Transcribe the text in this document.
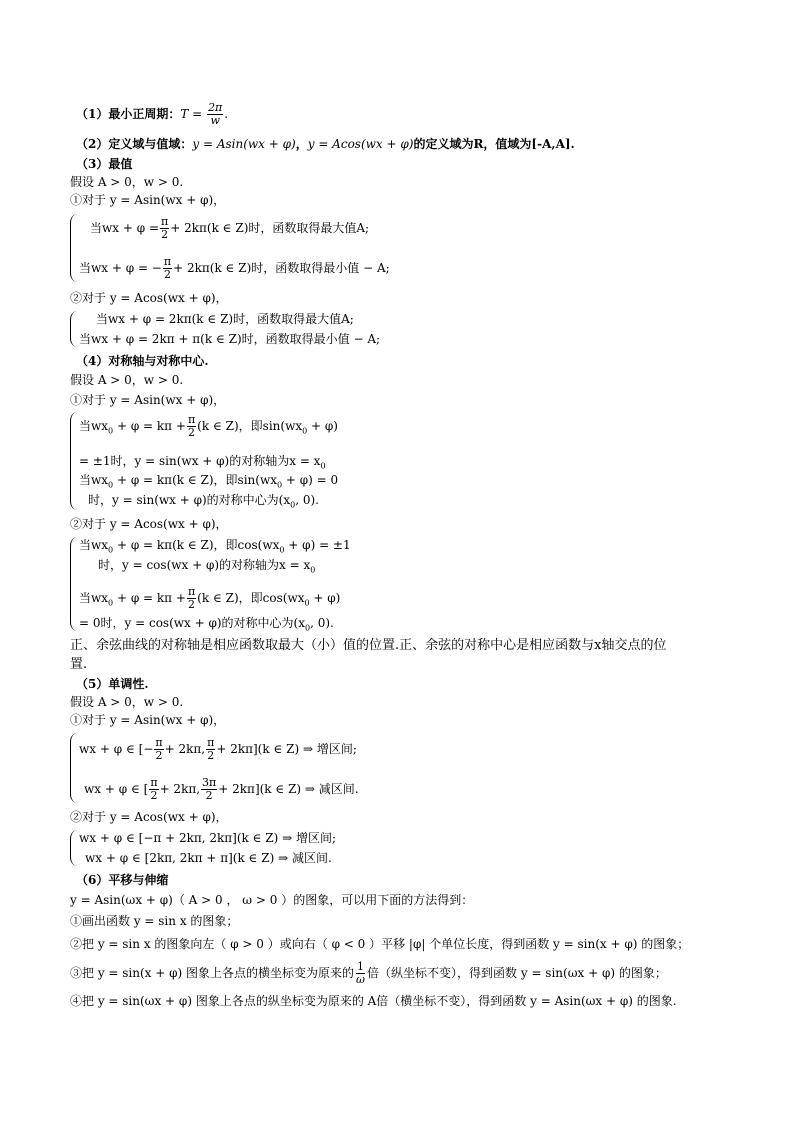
（1）最小正周期：$T = \frac{2\pi}{w}$ .
（2）定义域与值域：y = Asin(wx + φ)，y = Acos(wx + φ)的定义域为R，值域为[-A,A].
（3）最值
假设 A > 0，w > 0.
①对于 y = Asin(wx + φ)，
当wx + $\varphi = \frac{\pi}{2} + 2k\pi(k$ ∈ Z)时，函数取得最大值A;
当wx + φ = − $\frac{\pi}{2} + 2k\pi(k$ ∈ Z)时，函数取得最小值 − A;
②对于 y = Acos(wx + φ)，
当wx + φ = 2kπ(k ∈ Z)时，函数取得最大值A;
当wx + φ = 2kπ + π(k ∈ Z)时，函数取得最小值 − A;
（4）对称轴与对称中心.
假设 A > 0，w > 0.
①对于 y = Asin(wx + φ)，
当$wx_0 + \varphi = k\pi + \frac{\pi}{2} (k$ ∈ Z)，即$\sin(wx_0 + \varphi)$
= ±1时，y = sin(wx + φ)的对称轴为$x = x_0$
当$wx_0 + \varphi = k\pi(k$ ∈ Z)，即$\sin(wx_0 + \varphi) = 0$
时，y = sin(wx + φ)的对称中心为($x_0$, 0).
②对于 y = Acos(wx + φ)，
当$wx_0 + \varphi = k\pi(k$ ∈ Z)，即$\cos(wx_0 + \varphi) = \pm 1$
时，y = cos(wx + φ)的对称轴为$x = x_0$
当$wx_0 + \varphi = k\pi + \frac{\pi}{2} (k$ ∈ Z)，即$\cos(wx_0 + \varphi)$
= 0时，y = cos(wx + φ)的对称中心为($x_0$, 0).
正、余弦曲线的对称轴是相应函数取最大（小）值的位置.正、余弦的对称中心是相应函数与x轴交点的位
置.
（5）单调性.
假设 A > 0，w > 0.
①对于 y = Asin(wx + φ)，
wx + φ ∈ [− $\frac{\pi}{2} + 2k\pi$, $\frac{\pi}{2} + 2k\pi](k$ ∈ Z) ⇒ 增区间;
wx + φ ∈ [ $\frac{\pi}{2} + 2k\pi$, $\frac{3\pi}{2} + 2k\pi](k$ ∈ Z) ⇒ 减区间.
②对于 y = Acos(wx + φ)，
wx + φ ∈ [−π + 2kπ, 2kπ](k ∈ Z) ⇒ 增区间;
wx + φ ∈ [2kπ, 2kπ + π](k ∈ Z) ⇒ 减区间.
（6）平移与伸缩
y = Asin(ωx + φ)（ A > 0 ， ω > 0 ）的图象，可以用下面的方法得到：
①画出函数 y = sin x 的图象；
②把 y = sin x 的图象向左（ φ > 0 ）或向右（ φ < 0 ）平移 |φ| 个单位长度，得到函数 y = sin(x + φ) 的图象；
③把 y = sin(x + φ) 图象上各点的横坐标变为原来的 $\frac{1}{\omega}$ 倍（纵坐标不变），得到函数 y = sin(ωx + φ) 的图象；
④把 y = sin(ωx + φ) 图象上各点的纵坐标变为原来的 A倍（横坐标不变），得到函数 y = Asin(ωx + φ) 的图象.
